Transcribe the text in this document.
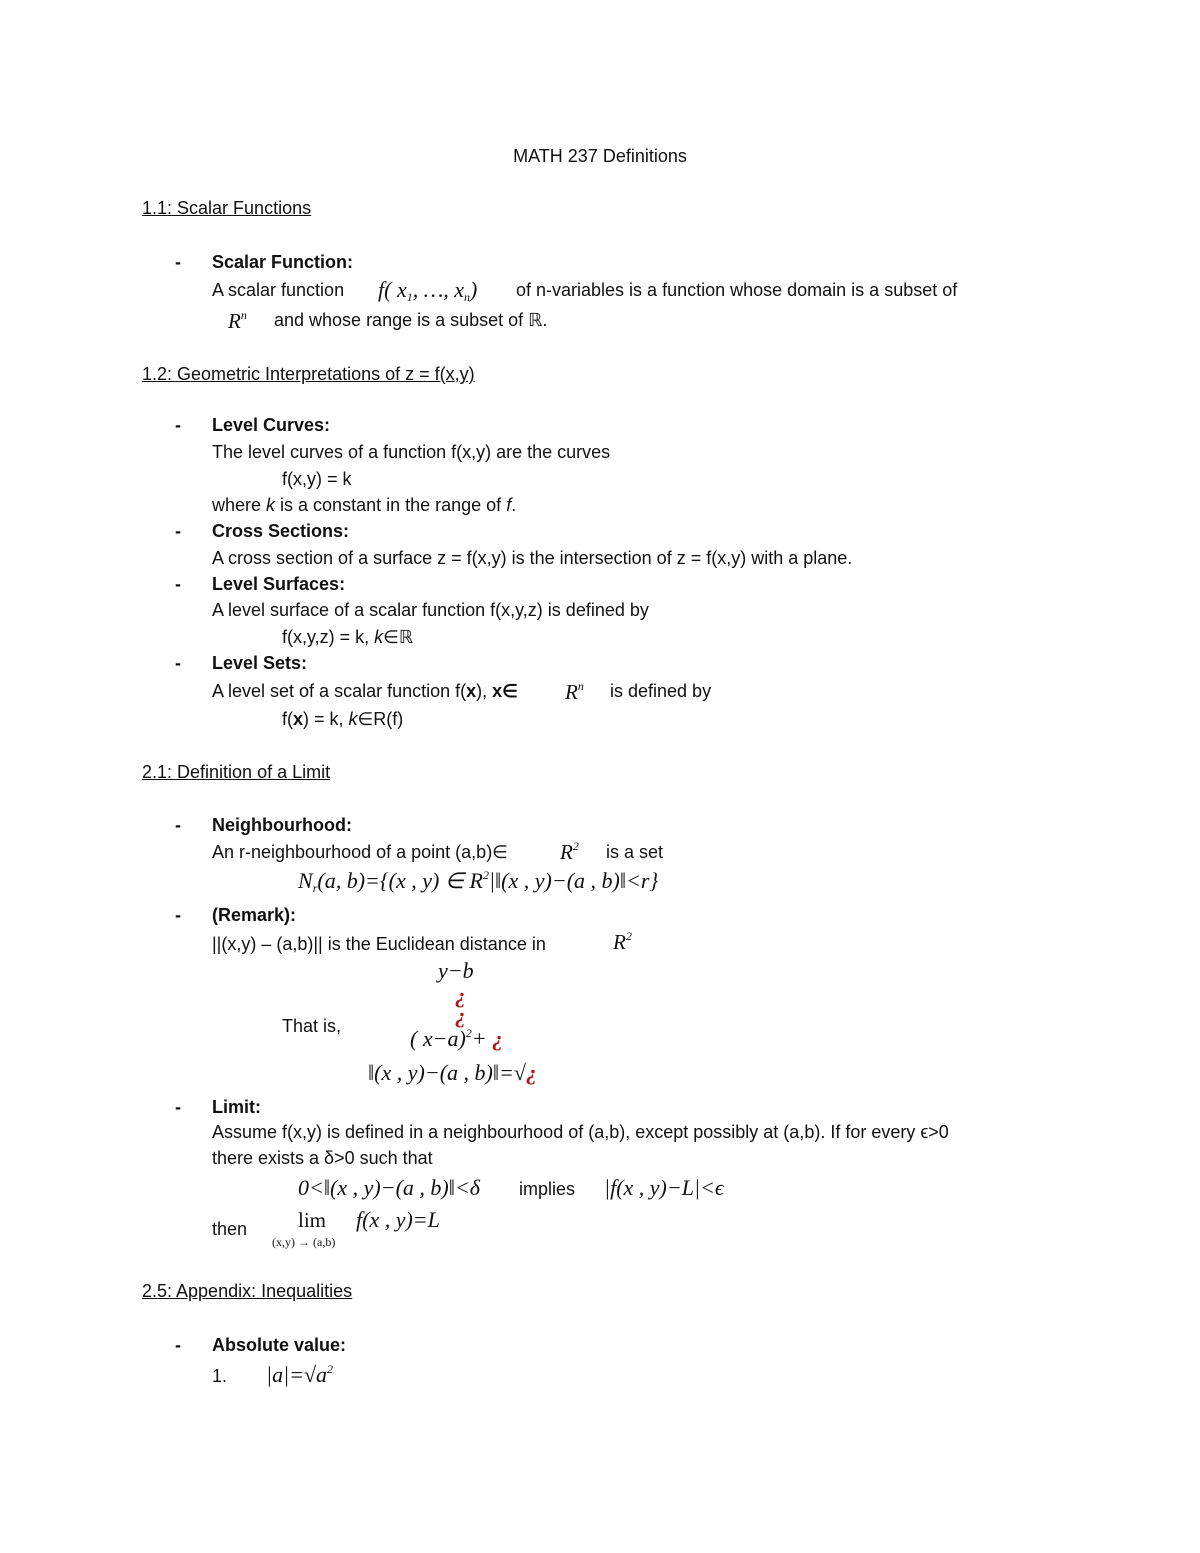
MATH 237 Definitions
1.1: Scalar Functions
- Scalar Function:
A scalar function f( $x_1$, …, $x_n$) of n-variables is a function whose domain is a subset of
$R^n$ and whose range is a subset of ℝ.
1.2: Geometric Interpretations of z = f(x,y)
- Level Curves:
The level curves of a function f(x,y) are the curves
f(x,y) = k
where k is a constant in the range of f.
- Cross Sections:
A cross section of a surface z = f(x,y) is the intersection of z = f(x,y) with a plane.
- Level Surfaces:
A level surface of a scalar function f(x,y,z) is defined by
f(x,y,z) = k, k∈ℝ
- Level Sets:
A level set of a scalar function f(x), x∈ $R^n$ is defined by
f(x) = k, k∈R(f)
2.1: Definition of a Limit
- Neighbourhood:
An r-neighbourhood of a point (a,b)∈ $R^2$ is a set
$N_r(a$, b)={(x , y) ∈ $R^2|‖(x$ , y)−(a , b)‖<r}
- (Remark):
||(x,y) – (a,b)|| is the Euclidean distance in	$R^2$
y−b
¿
¿
That is,	( x−a)$^2$+ ¿
‖(x , y)−(a , b)‖=√¿
- Limit:
Assume f(x,y) is defined in a neighbourhood of (a,b), except possibly at (a,b). If for every ϵ>0
there exists a δ>0 such that
0<‖(x , y)−(a , b)‖<δ implies |f(x , y)−L|<ϵ
then lim
(x,y) → (a,b)
f(x , y)=L
2.5: Appendix: Inequalities
- Absolute value:
1. $|a|=√a^2$
